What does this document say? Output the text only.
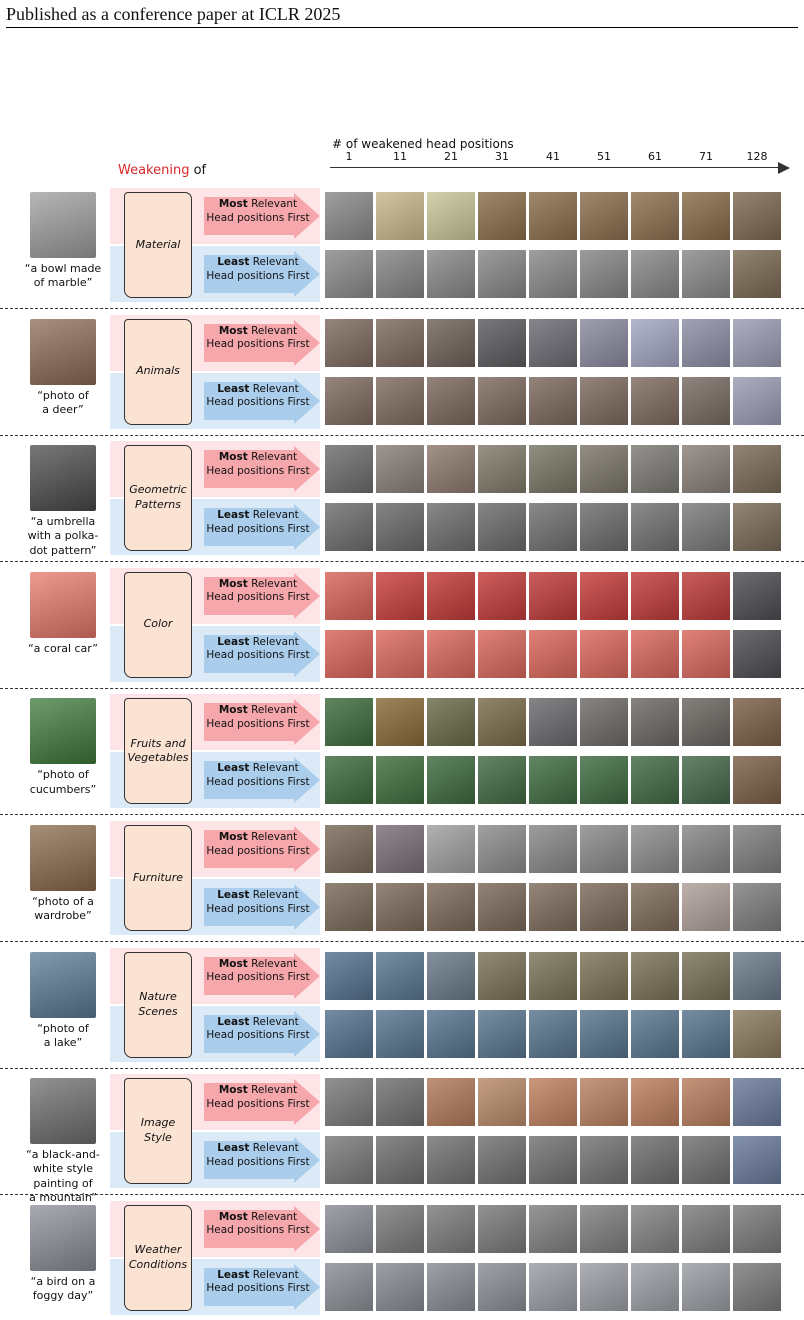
Published as a conference paper at ICLR 2025
# of weakened head positions
1	11	21	31	41	51	61	71	128
Weakening of
“a bowl made
of marble”
Material
Most Relevant
Head positions First
Least Relevant
Head positions First
“photo of
a deer”
Animals
Most Relevant
Head positions First
Least Relevant
Head positions First
“a umbrella
with a polka-
dot pattern”
Geometric
Patterns
Most Relevant
Head positions First
Least Relevant
Head positions First
“a coral car”
Color
Most Relevant
Head positions First
Least Relevant
Head positions First
“photo of
cucumbers”
Fruits and
Vegetables
Most Relevant
Head positions First
Least Relevant
Head positions First
“photo of a
wardrobe”
Furniture
Most Relevant
Head positions First
Least Relevant
Head positions First
“photo of
a lake”
Nature
Scenes
Most Relevant
Head positions First
Least Relevant
Head positions First
“a black-and-
white style
painting of
a mountain”
Image
Style
Most Relevant
Head positions First
Least Relevant
Head positions First
“a bird on a
foggy day”
Weather
Conditions
Most Relevant
Head positions First
Least Relevant
Head positions First
